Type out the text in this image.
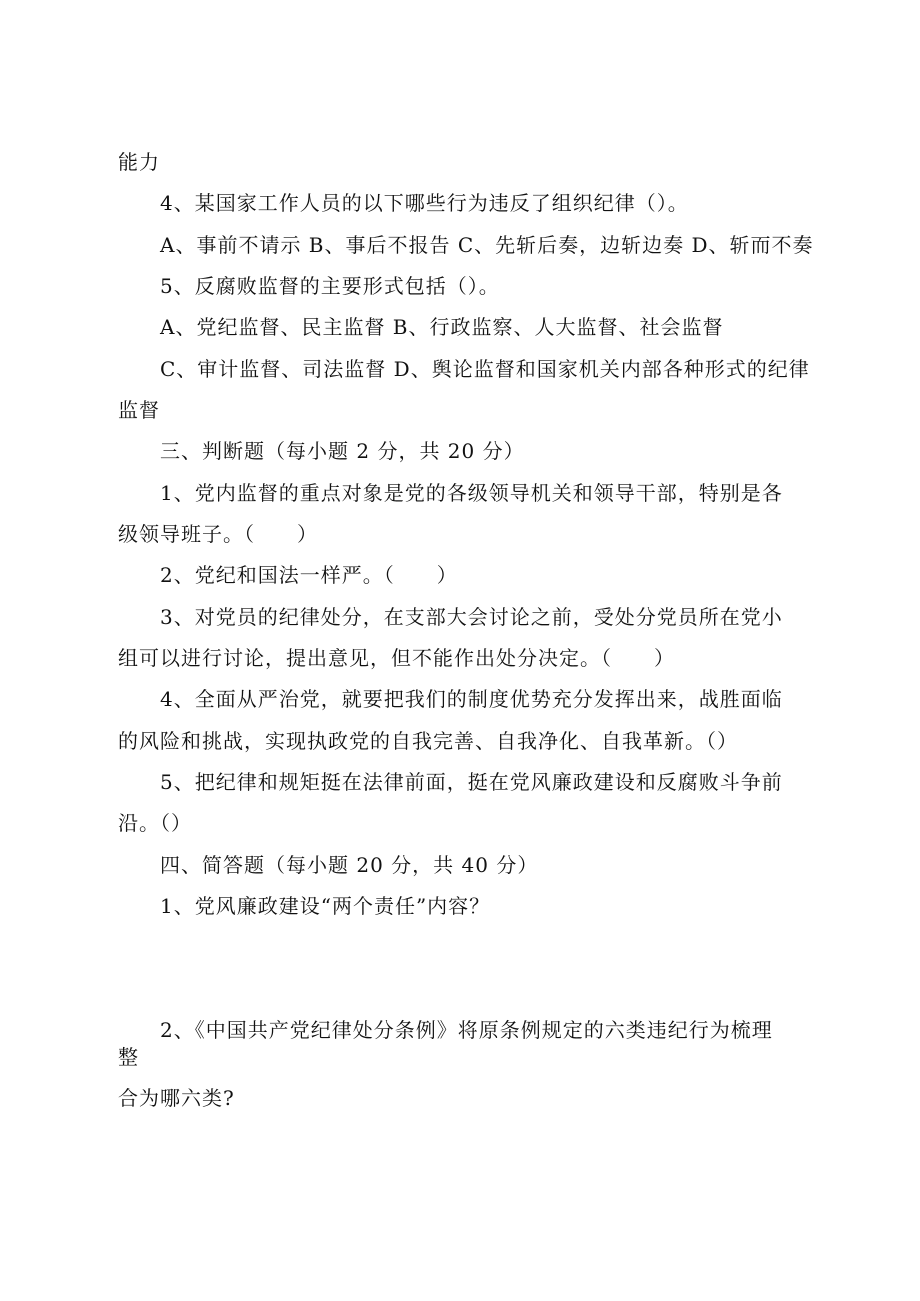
能力
4、某国家工作人员的以下哪些行为违反了组织纪律（）。
A、事前不请示 B、事后不报告 C、先斩后奏，边斩边奏 D、斩而不奏
5、反腐败监督的主要形式包括（）。
A、党纪监督、民主监督 B、行政监察、人大监督、社会监督
C、审计监督、司法监督 D、舆论监督和国家机关内部各种形式的纪律
监督
三、判断题（每小题 2 分，共 20 分）
1、党内监督的重点对象是党的各级领导机关和领导干部，特别是各
级领导班子。（　　）
2、党纪和国法一样严。（　　）
3、对党员的纪律处分，在支部大会讨论之前，受处分党员所在党小
组可以进行讨论，提出意见，但不能作出处分决定。（　　）
4、全面从严治党，就要把我们的制度优势充分发挥出来，战胜面临
的风险和挑战，实现执政党的自我完善、自我净化、自我革新。（）
5、把纪律和规矩挺在法律前面，挺在党风廉政建设和反腐败斗争前
沿。（）
四、简答题（每小题 20 分，共 40 分）
1、党风廉政建设“两个责任”内容？
2、《中国共产党纪律处分条例》将原条例规定的六类违纪行为梳理
整
合为哪六类?
